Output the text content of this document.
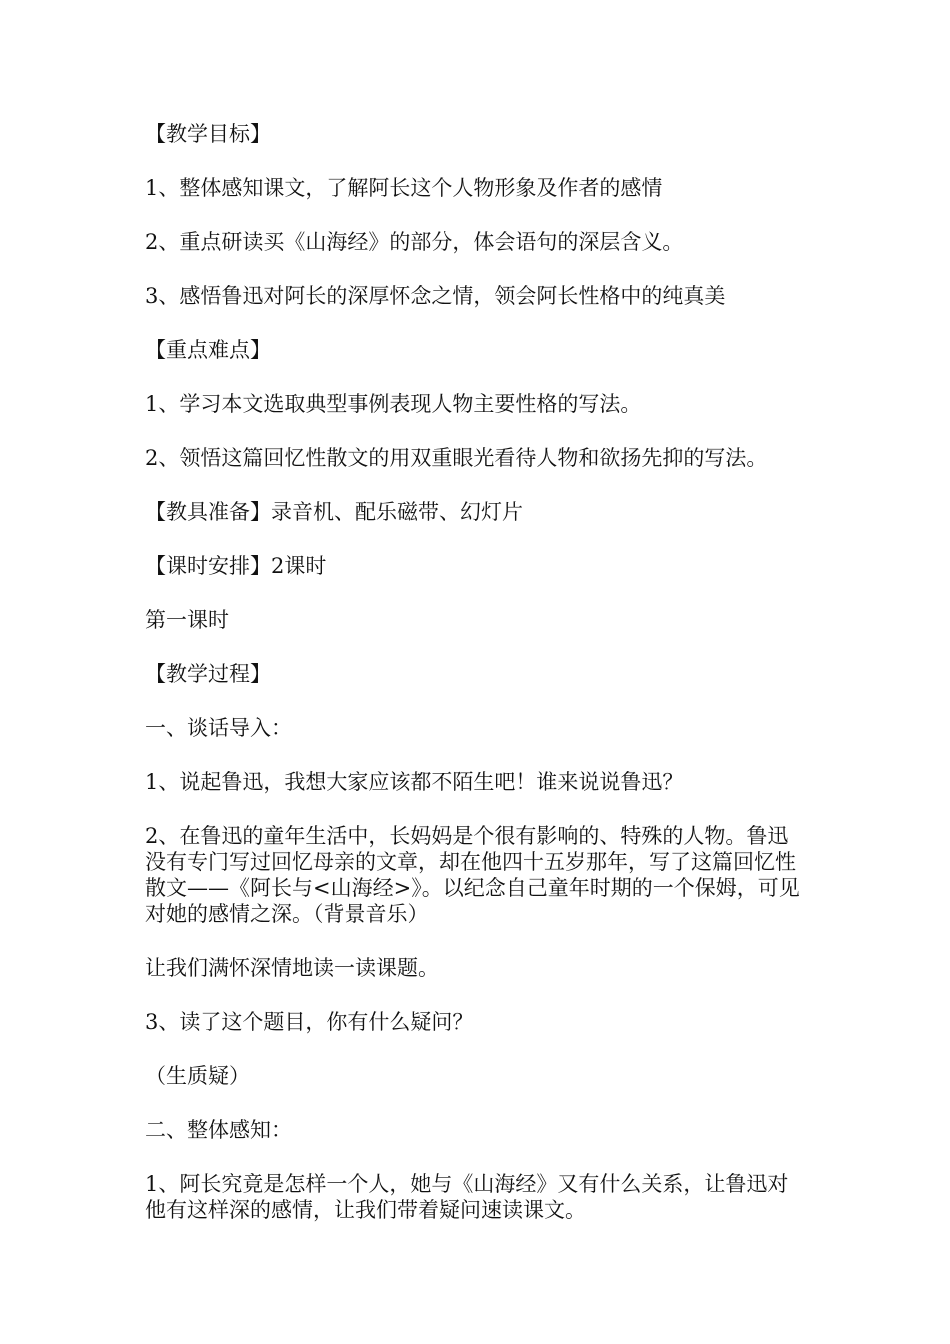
【教学目标】

1、整体感知课文，了解阿长这个人物形象及作者的感情

2、重点研读买《山海经》的部分，体会语句的深层含义。

3、感悟鲁迅对阿长的深厚怀念之情，领会阿长性格中的纯真美

【重点难点】

1、学习本文选取典型事例表现人物主要性格的写法。

2、领悟这篇回忆性散文的用双重眼光看待人物和欲扬先抑的写法。

【教具准备】录音机、配乐磁带、幻灯片

【课时安排】2课时

第一课时

【教学过程】

一、谈话导入：

1、说起鲁迅，我想大家应该都不陌生吧！谁来说说鲁迅？

2、在鲁迅的童年生活中，长妈妈是个很有影响的、特殊的人物。鲁迅没有专门写过回忆母亲的文章，却在他四十五岁那年，写了这篇回忆性散文——《阿长与<山海经>》。以纪念自己童年时期的一个保姆，可见对她的感情之深。（背景音乐）

让我们满怀深情地读一读课题。

3、读了这个题目，你有什么疑问？

（生质疑）

二、整体感知：

1、阿长究竟是怎样一个人，她与《山海经》又有什么关系，让鲁迅对他有这样深的感情，让我们带着疑问速读课文。
